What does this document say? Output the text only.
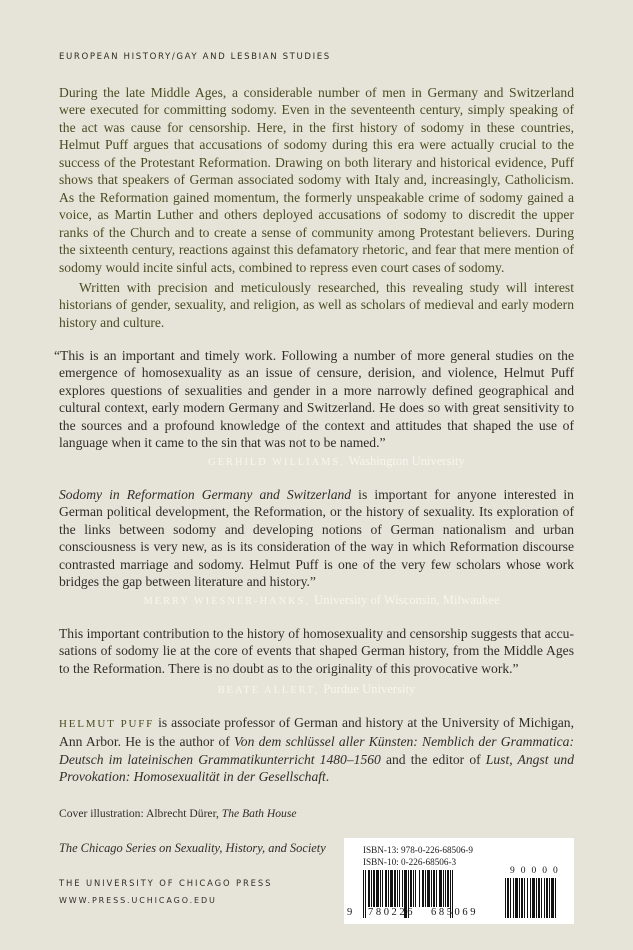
EUROPEAN HISTORY/GAY AND LESBIAN STUDIES

During the late Middle Ages, a considerable number of men in Germany and Switzerland were executed for committing sodomy. Even in the seventeenth century, simply speaking of the act was cause for censorship. Here, in the first history of sodomy in these countries, Helmut Puff argues that accusations of sodomy during this era were actually crucial to the success of the Protestant Reformation. Drawing on both literary and historical evidence, Puff shows that speakers of German associated sodomy with Italy and, increasingly, Catholicism. As the Reformation gained momentum, the formerly unspeakable crime of sodomy gained a voice, as Martin Luther and others deployed accusations of sodomy to discredit the upper ranks of the Church and to create a sense of community among Protestant believers. During the sixteenth century, reactions against this defamatory rhetoric, and fear that mere mention of sodomy would incite sinful acts, combined to repress even court cases of sodomy.

Written with precision and meticulously researched, this revealing study will interest historians of gender, sexuality, and religion, as well as scholars of medieval and early modern history and culture.

“This is an important and timely work. Following a number of more general studies on the emergence of homosexuality as an issue of censure, derision, and violence, Helmut Puff explores questions of sexualities and gender in a more narrowly defined geographical and cultural context, early modern Germany and Switzerland. He does so with great sensitivity to the sources and a profound knowledge of the context and attitudes that shaped the use of language when it came to the sin that was not to be named.”

GERHILD WILLIAMS, Washington University

Sodomy in Reformation Germany and Switzerland is important for anyone interested in German political development, the Reformation, or the history of sexuality. Its exploration of the links between sodomy and developing notions of German nationalism and urban consciousness is very new, as is its consideration of the way in which Reformation discourse contrasted marriage and sodomy. Helmut Puff is one of the very few scholars whose work bridges the gap between literature and history.”

MERRY WIESNER-HANKS, University of Wisconsin, Milwaukee

This important contribution to the history of homosexuality and censorship suggests that accusations of sodomy lie at the core of events that shaped German history, from the Middle Ages to the Reformation. There is no doubt as to the originality of this provocative work.”

BEATE ALLERT, Purdue University

HELMUT PUFF is associate professor of German and history at the University of Michigan, Ann Arbor. He is the author of Von dem schlüssel aller Künsten: Nemblich der Grammatica: Deutsch im lateinischen Grammatikunterricht 1480–1560 and the editor of Lust, Angst und Provokation: Homosexualität in der Gesellschaft.

Cover illustration: Albrecht Dürer, The Bath House
The Chicago Series on Sexuality, History, and Society
THE UNIVERSITY OF CHICAGO PRESS
WWW.PRESS.UCHICAGO.EDU
ISBN-13: 978-0-226-68506-9
ISBN-10: 0-226-68506-3
90000
9 780226 685069
